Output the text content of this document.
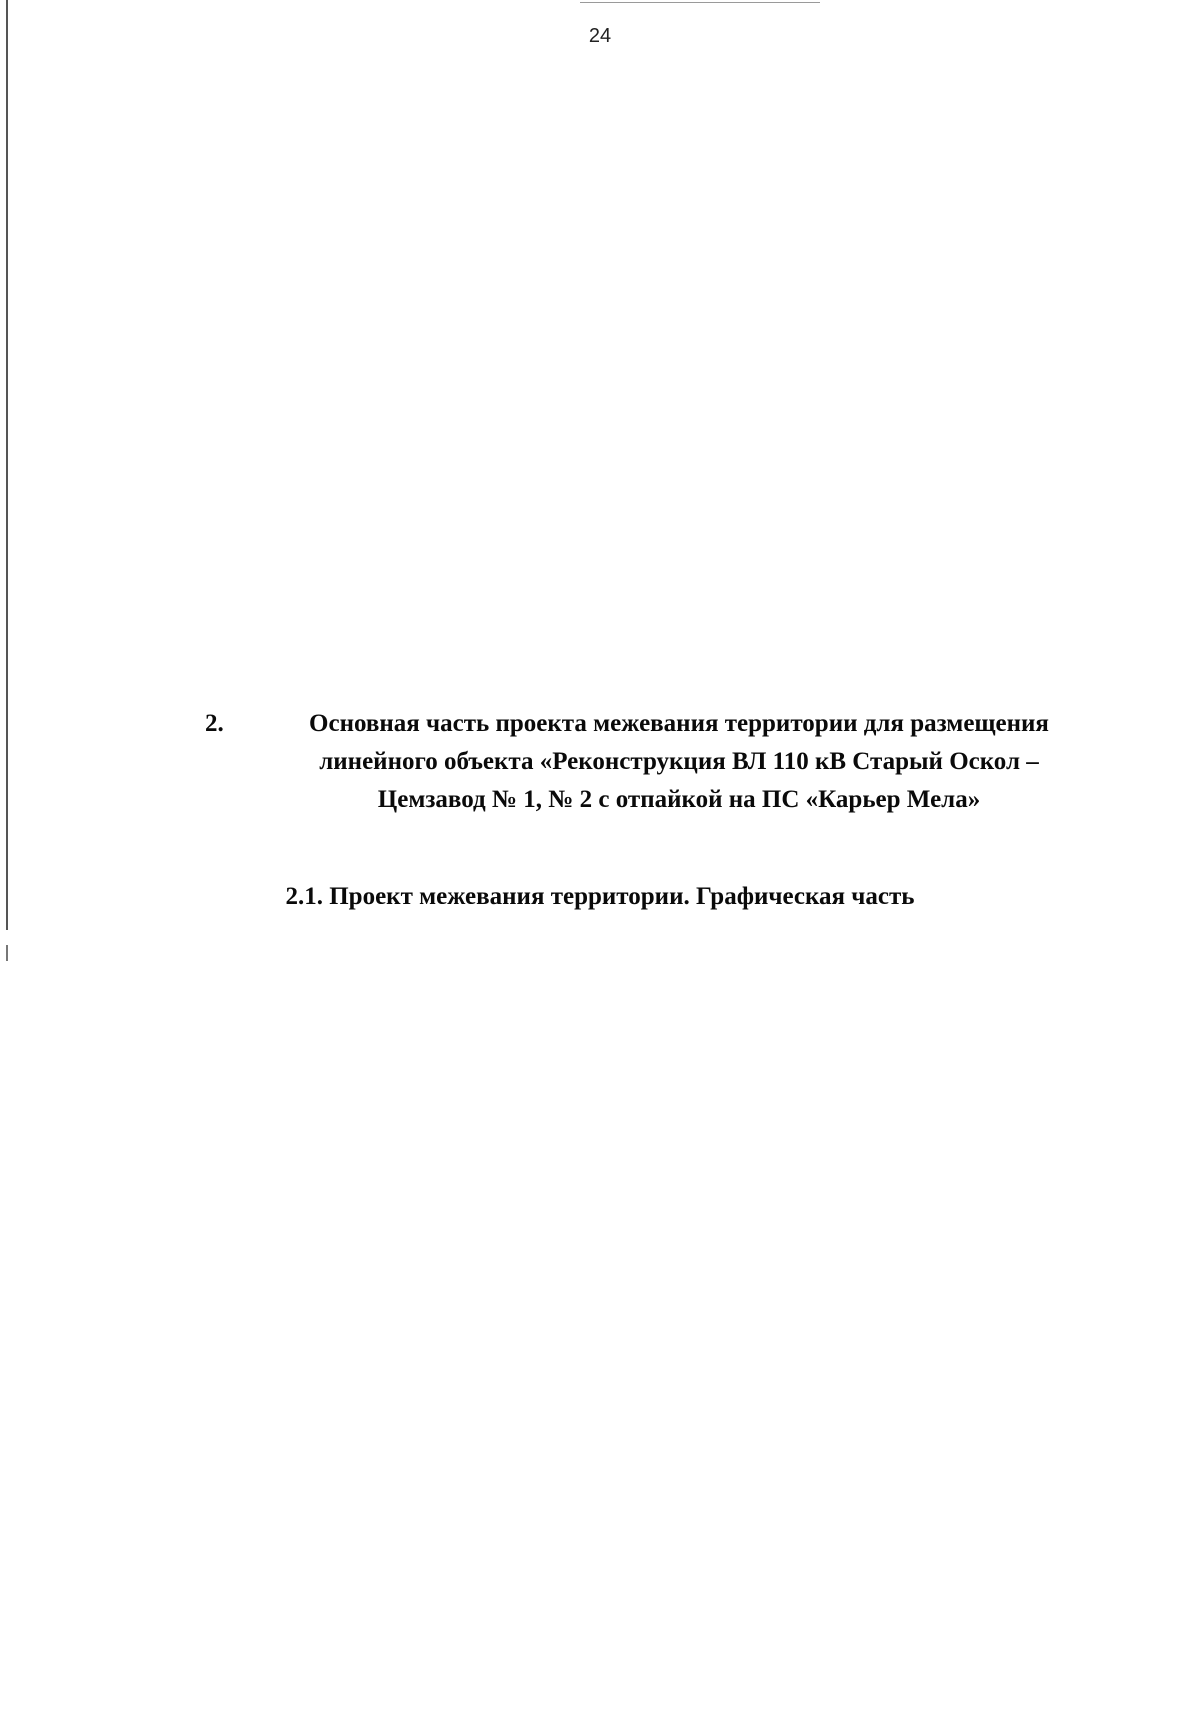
24
2.	Основная часть проекта межевания территории для размещения
линейного объекта «Реконструкция ВЛ 110 кВ Старый Оскол –
Цемзавод № 1, № 2 с отпайкой на ПС «Карьер Мела»
2.1. Проект межевания территории. Графическая часть
